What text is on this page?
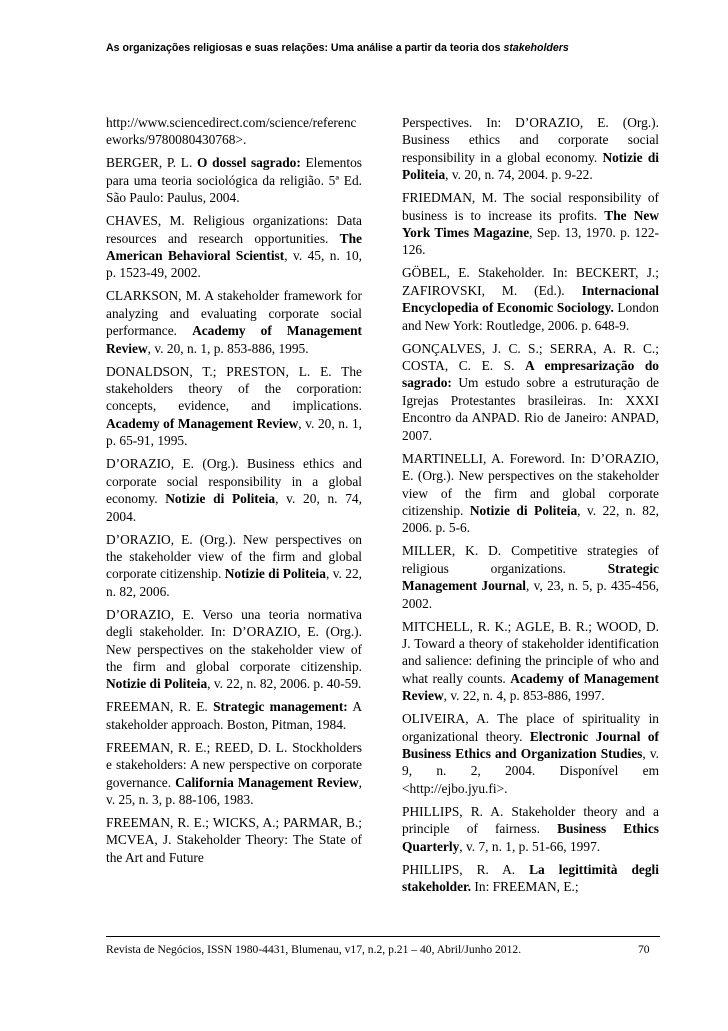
As organizações religiosas e suas relações: Uma análise a partir da teoria dos stakeholders

http://www.sciencedirect.com/science/referenceworks/9780080430768>.

BERGER, P. L. O dossel sagrado: Elementos para uma teoria sociológica da religião. 5ª Ed. São Paulo: Paulus, 2004.

CHAVES, M. Religious organizations: Data resources and research opportunities. The American Behavioral Scientist, v. 45, n. 10, p. 1523-49, 2002.

CLARKSON, M. A stakeholder framework for analyzing and evaluating corporate social performance. Academy of Management Review, v. 20, n. 1, p. 853-886, 1995.

DONALDSON, T.; PRESTON, L. E. The stakeholders theory of the corporation: concepts, evidence, and implications. Academy of Management Review, v. 20, n. 1, p. 65-91, 1995.

D’ORAZIO, E. (Org.). Business ethics and corporate social responsibility in a global economy. Notizie di Politeia, v. 20, n. 74, 2004.

D’ORAZIO, E. (Org.). New perspectives on the stakeholder view of the firm and global corporate citizenship. Notizie di Politeia, v. 22, n. 82, 2006.

D’ORAZIO, E. Verso una teoria normativa degli stakeholder. In: D’ORAZIO, E. (Org.). New perspectives on the stakeholder view of the firm and global corporate citizenship. Notizie di Politeia, v. 22, n. 82, 2006. p. 40-59.

FREEMAN, R. E. Strategic management: A stakeholder approach. Boston, Pitman, 1984.

FREEMAN, R. E.; REED, D. L. Stockholders e stakeholders: A new perspective on corporate governance. California Management Review, v. 25, n. 3, p. 88-106, 1983.

FREEMAN, R. E.; WICKS, A.; PARMAR, B.; MCVEA, J. Stakeholder Theory: The State of the Art and Future

Perspectives. In: D’ORAZIO, E. (Org.). Business ethics and corporate social responsibility in a global economy. Notizie di Politeia, v. 20, n. 74, 2004. p. 9-22.

FRIEDMAN, M. The social responsibility of business is to increase its profits. The New York Times Magazine, Sep. 13, 1970. p. 122-126.

GÖBEL, E. Stakeholder. In: BECKERT, J.; ZAFIROVSKI, M. (Ed.). Internacional Encyclopedia of Economic Sociology. London and New York: Routledge, 2006. p. 648-9.

GONÇALVES, J. C. S.; SERRA, A. R. C.; COSTA, C. E. S. A empresarização do sagrado: Um estudo sobre a estruturação de Igrejas Protestantes brasileiras. In: XXXI Encontro da ANPAD. Rio de Janeiro: ANPAD, 2007.

MARTINELLI, A. Foreword. In: D’ORAZIO, E. (Org.). New perspectives on the stakeholder view of the firm and global corporate citizenship. Notizie di Politeia, v. 22, n. 82, 2006. p. 5-6.

MILLER, K. D. Competitive strategies of religious organizations. Strategic Management Journal, v, 23, n. 5, p. 435-456, 2002.

MITCHELL, R. K.; AGLE, B. R.; WOOD, D. J. Toward a theory of stakeholder identification and salience: defining the principle of who and what really counts. Academy of Management Review, v. 22, n. 4, p. 853-886, 1997.

OLIVEIRA, A. The place of spirituality in organizational theory. Electronic Journal of Business Ethics and Organization Studies, v. 9, n. 2, 2004. Disponível em <http://ejbo.jyu.fi>.

PHILLIPS, R. A. Stakeholder theory and a principle of fairness. Business Ethics Quarterly, v. 7, n. 1, p. 51-66, 1997.

PHILLIPS, R. A. La legittimità degli stakeholder. In: FREEMAN, E.;

Revista de Negócios, ISSN 1980-4431, Blumenau, v17, n.2, p.21 – 40, Abril/Junho 2012.	70
